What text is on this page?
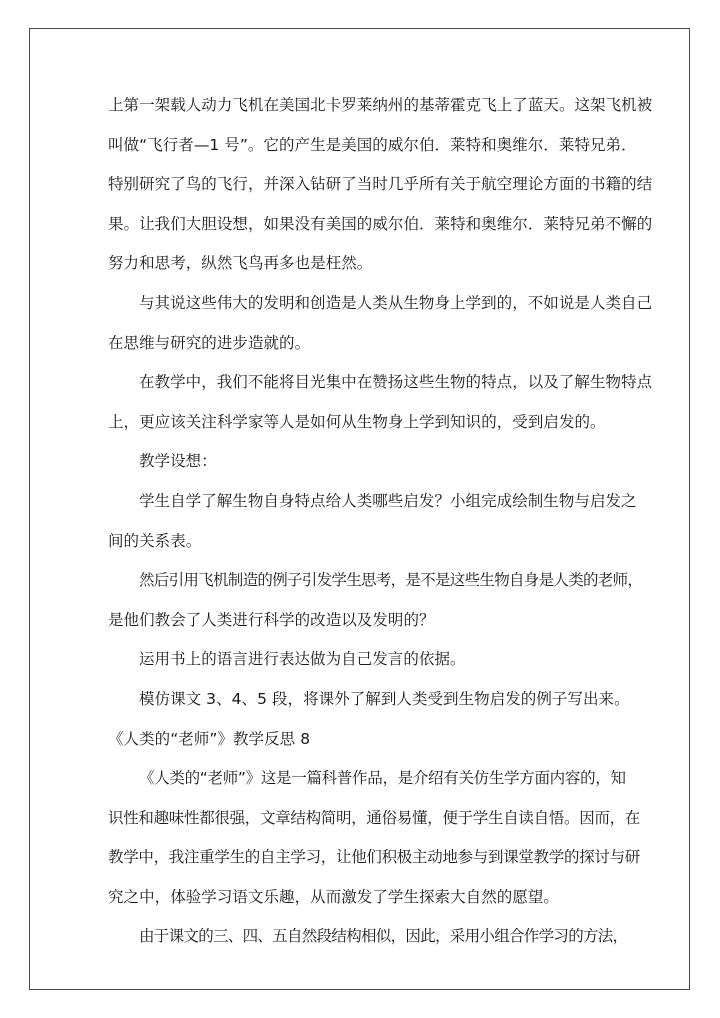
上第一架载人动力飞机在美国北卡罗莱纳州的基蒂霍克飞上了蓝天。这架飞机被
叫做“飞行者—1 号”。它的产生是美国的威尔伯．莱特和奥维尔．莱特兄弟．
特别研究了鸟的飞行，并深入钻研了当时几乎所有关于航空理论方面的书籍的结
果。让我们大胆设想，如果没有美国的威尔伯．莱特和奥维尔．莱特兄弟不懈的
努力和思考，纵然飞鸟再多也是枉然。
与其说这些伟大的发明和创造是人类从生物身上学到的，不如说是人类自己
在思维与研究的进步造就的。
在教学中，我们不能将目光集中在赞扬这些生物的特点，以及了解生物特点
上，更应该关注科学家等人是如何从生物身上学到知识的，受到启发的。
教学设想：
学生自学了解生物自身特点给人类哪些启发？小组完成绘制生物与启发之
间的关系表。
然后引用飞机制造的例子引发学生思考，是不是这些生物自身是人类的老师，
是他们教会了人类进行科学的改造以及发明的？
运用书上的语言进行表达做为自己发言的依据。
模仿课文 3、4、5 段，将课外了解到人类受到生物启发的例子写出来。
《人类的“老师”》教学反思 8
《人类的“老师”》这是一篇科普作品，是介绍有关仿生学方面内容的，知
识性和趣味性都很强，文章结构简明，通俗易懂，便于学生自读自悟。因而，在
教学中，我注重学生的自主学习，让他们积极主动地参与到课堂教学的探讨与研
究之中，体验学习语文乐趣，从而激发了学生探索大自然的愿望。
由于课文的三、四、五自然段结构相似，因此，采用小组合作学习的方法，
